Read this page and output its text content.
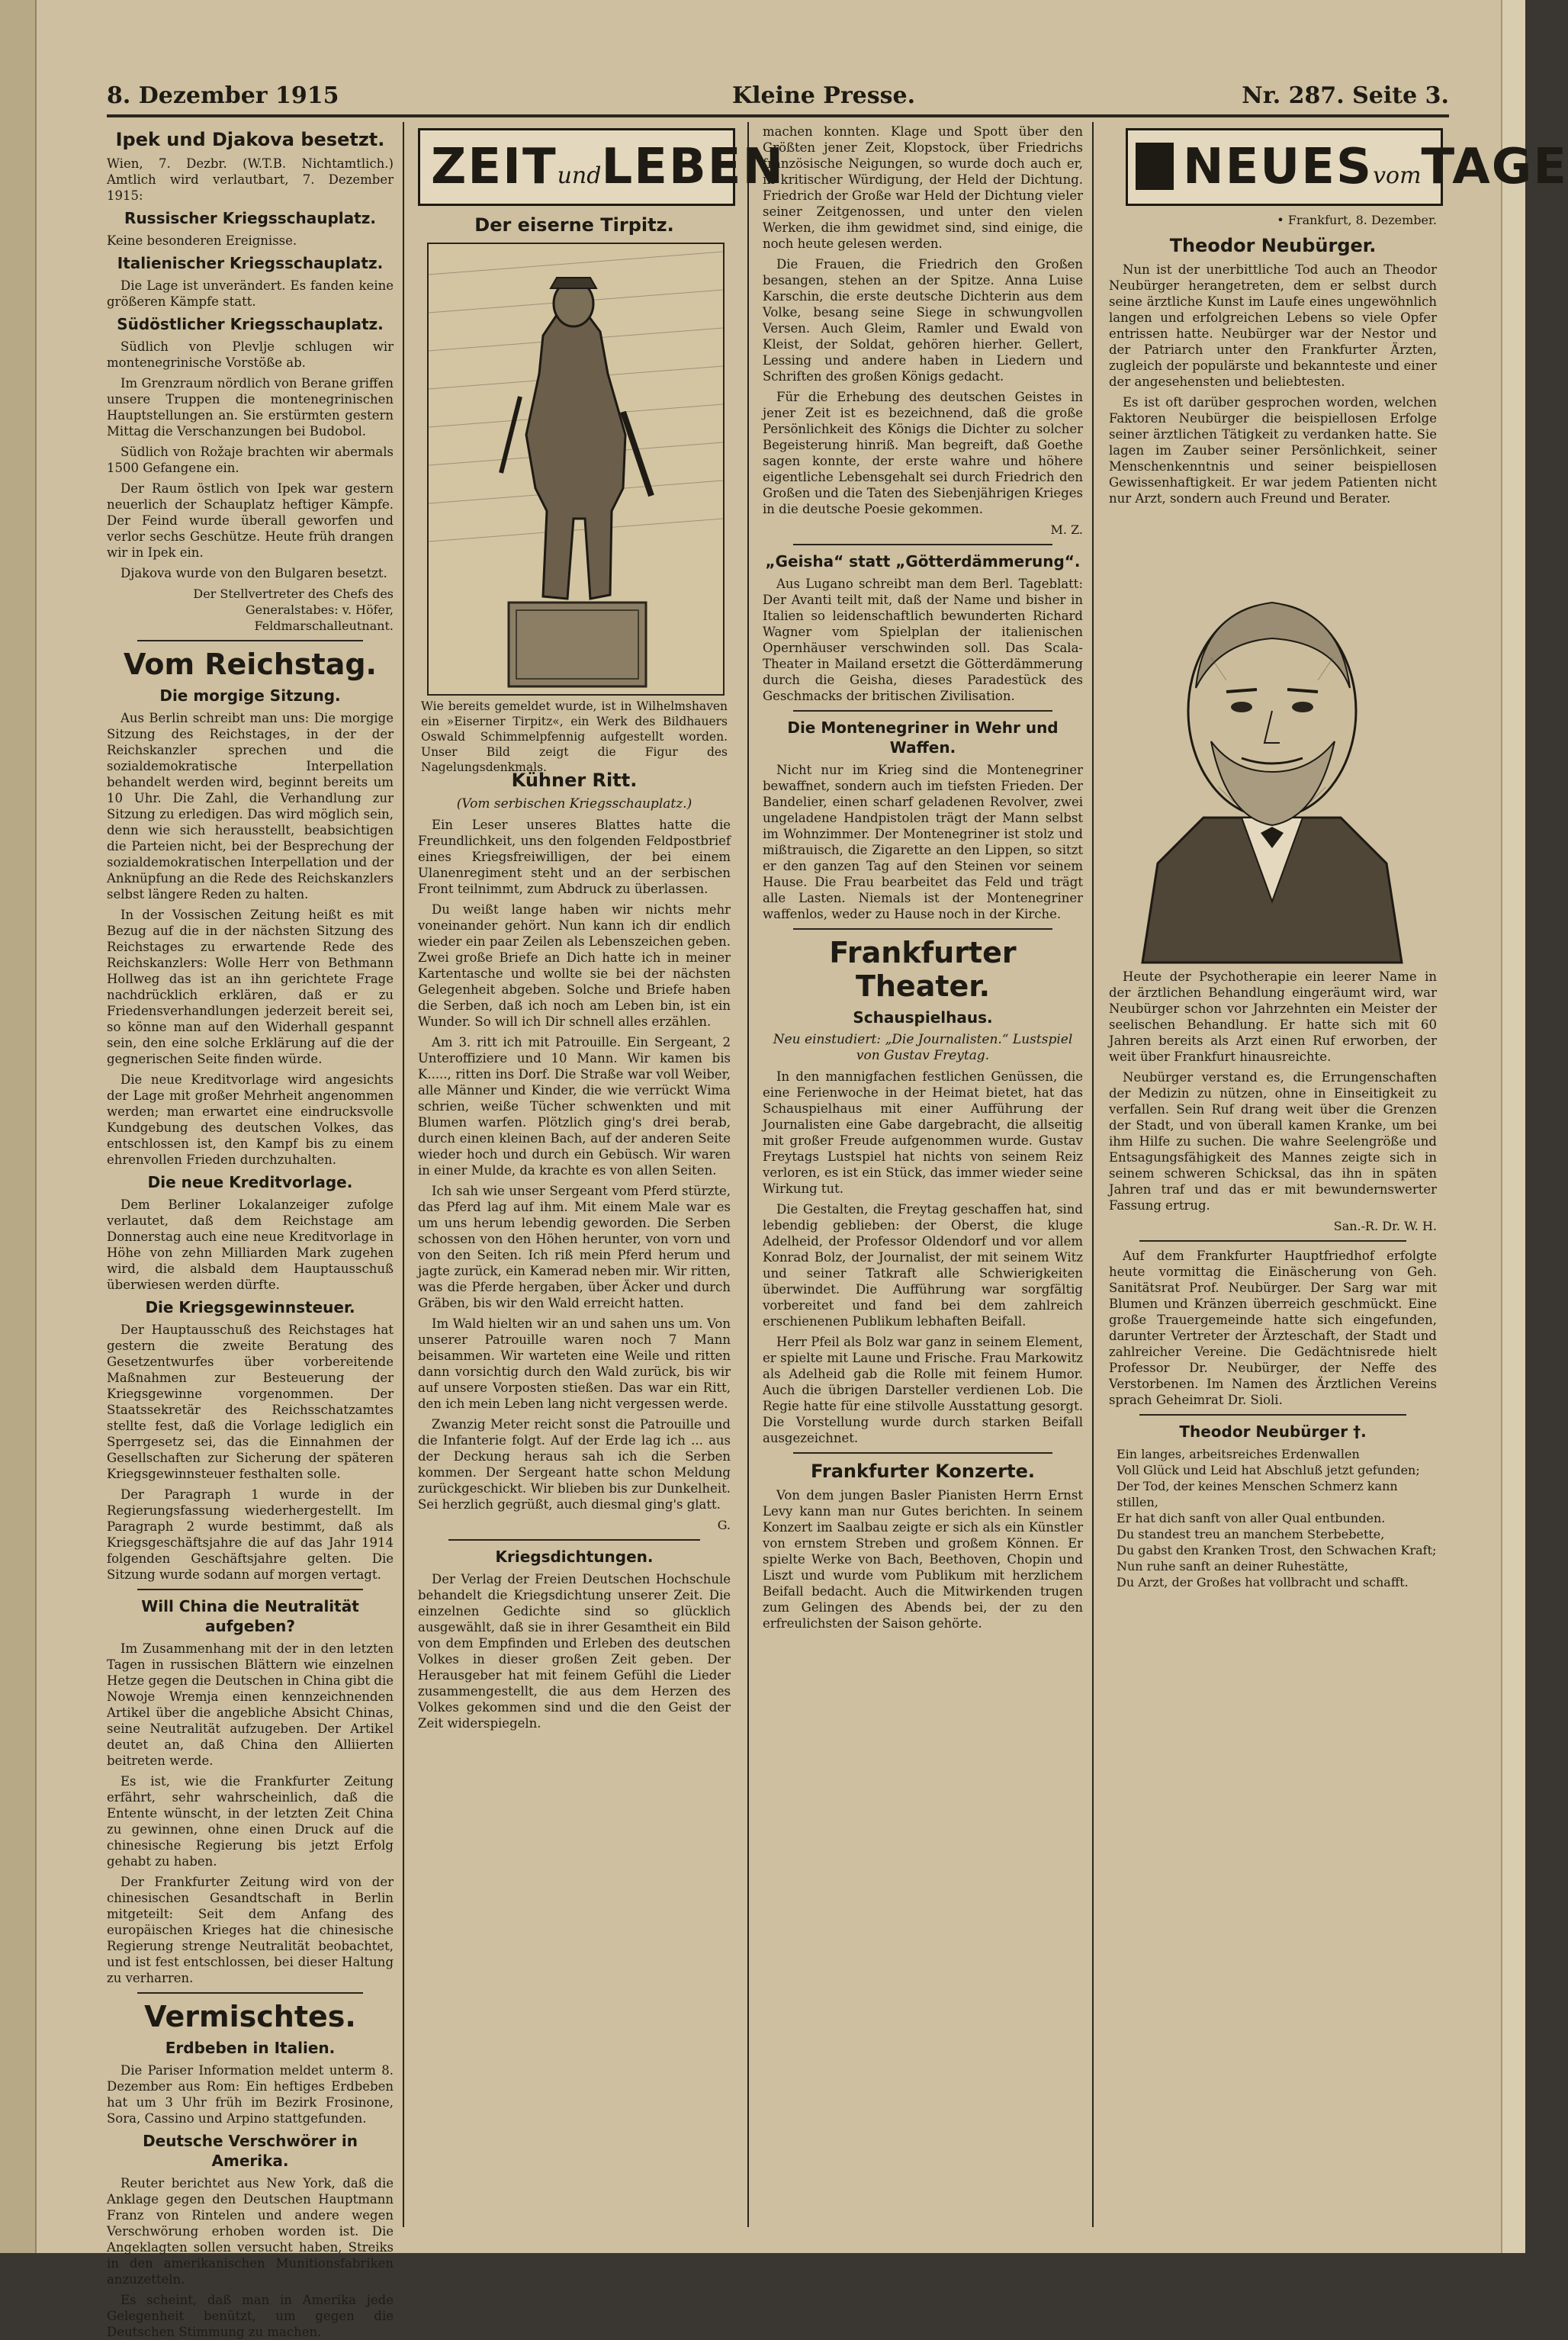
8. Dezember 1915	Kleine Presse.	Nr. 287. Seite 3.
Ipek und Djakova besetzt.

Wien, 7. Dezbr. (W.T.B. Nichtamtlich.) Amtlich wird verlautbart, 7. Dezember 1915:

Russischer Kriegsschauplatz.

Keine besonderen Ereignisse.

Italienischer Kriegsschauplatz.

Die Lage ist unverändert. Es fanden keine größeren Kämpfe statt.

Südöstlicher Kriegsschauplatz.

Südlich von Plevlje schlugen wir montenegrinische Vorstöße ab.

Im Grenzraum nördlich von Berane griffen unsere Truppen die montenegrinischen Hauptstellungen an. Sie erstürmten gestern Mittag die Verschanzungen bei Budobol.

Südlich von Rožaje brachten wir abermals 1500 Gefangene ein.

Der Raum östlich von Ipek war gestern neuerlich der Schauplatz heftiger Kämpfe. Der Feind wurde überall geworfen und verlor sechs Geschütze. Heute früh drangen wir in Ipek ein.

Djakova wurde von den Bulgaren besetzt.

Der Stellvertreter des Chefs des Generalstabes: v. Höfer, Feldmarschalleutnant.
Vom Reichstag.
Die morgige Sitzung.

Aus Berlin schreibt man uns: Die morgige Sitzung des Reichstages, in der der Reichskanzler sprechen und die sozialdemokratische Interpellation behandelt werden wird, beginnt bereits um 10 Uhr. Die Zahl, die Verhandlung zur Sitzung zu erledigen. Das wird möglich sein, denn wie sich herausstellt, beabsichtigen die Parteien nicht, bei der Besprechung der sozialdemokratischen Interpellation und der Anknüpfung an die Rede des Reichskanzlers selbst längere Reden zu halten.

In der Vossischen Zeitung heißt es mit Bezug auf die in der nächsten Sitzung des Reichstages zu erwartende Rede des Reichskanzlers: Wolle Herr von Bethmann Hollweg das ist an ihn gerichtete Frage nachdrücklich erklären, daß er zu Friedensverhandlungen jederzeit bereit sei, so könne man auf den Widerhall gespannt sein, den eine solche Erklärung auf die der gegnerischen Seite finden würde.

Die neue Kreditvorlage wird angesichts der Lage mit großer Mehrheit angenommen werden; man erwartet eine eindrucksvolle Kundgebung des deutschen Volkes, das entschlossen ist, den Kampf bis zu einem ehrenvollen Frieden durchzuhalten.

Die neue Kreditvorlage.

Dem Berliner Lokalanzeiger zufolge verlautet, daß dem Reichstage am Donnerstag auch eine neue Kreditvorlage in Höhe von zehn Milliarden Mark zugehen wird, die alsbald dem Hauptausschuß überwiesen werden dürfte.

Die Kriegsgewinnsteuer.

Der Hauptausschuß des Reichstages hat gestern die zweite Beratung des Gesetzentwurfes über vorbereitende Maßnahmen zur Besteuerung der Kriegsgewinne vorgenommen. Der Staatssekretär des Reichsschatzamtes stellte fest, daß die Vorlage lediglich ein Sperrgesetz sei, das die Einnahmen der Gesellschaften zur Sicherung der späteren Kriegsgewinnsteuer festhalten solle.

Der Paragraph 1 wurde in der Regierungsfassung wiederhergestellt. Im Paragraph 2 wurde bestimmt, daß als Kriegsgeschäftsjahre die auf das Jahr 1914 folgenden Geschäftsjahre gelten. Die Sitzung wurde sodann auf morgen vertagt.

Will China die Neutralität aufgeben?

Im Zusammenhang mit der in den letzten Tagen in russischen Blättern wie einzelnen Hetze gegen die Deutschen in China gibt die Nowoje Wremja einen kennzeichnenden Artikel über die angebliche Absicht Chinas, seine Neutralität aufzugeben. Der Artikel deutet an, daß China den Alliierten beitreten werde.

Es ist, wie die Frankfurter Zeitung erfährt, sehr wahrscheinlich, daß die Entente wünscht, in der letzten Zeit China zu gewinnen, ohne einen Druck auf die chinesische Regierung bis jetzt Erfolg gehabt zu haben.

Der Frankfurter Zeitung wird von der chinesischen Gesandtschaft in Berlin mitgeteilt: Seit dem Anfang des europäischen Krieges hat die chinesische Regierung strenge Neutralität beobachtet, und ist fest entschlossen, bei dieser Haltung zu verharren.

Vermischtes.
Erdbeben in Italien.

Die Pariser Information meldet unterm 8. Dezember aus Rom: Ein heftiges Erdbeben hat um 3 Uhr früh im Bezirk Frosinone, Sora, Cassino und Arpino stattgefunden.

Deutsche Verschwörer in Amerika.

Reuter berichtet aus New York, daß die Anklage gegen den Deutschen Hauptmann Franz von Rintelen und andere wegen Verschwörung erhoben worden ist. Die Angeklagten sollen versucht haben, Streiks in den amerikanischen Munitionsfabriken anzuzetteln.

Es scheint, daß man in Amerika jede Gelegenheit benützt, um gegen die Deutschen Stimmung zu machen.

ZEITundLEBEN
Der eiserne Tirpitz.
Wie bereits gemeldet wurde, ist in Wilhelmshaven ein »Eiserner Tirpitz«, ein Werk des Bildhauers Oswald Schimmelpfennig aufgestellt worden. Unser Bild zeigt die Figur des Nagelungsdenkmals.
Kühner Ritt.
(Vom serbischen Kriegsschauplatz.)

Ein Leser unseres Blattes hatte die Freundlichkeit, uns den folgenden Feldpostbrief eines Kriegsfreiwilligen, der bei einem Ulanenregiment steht und an der serbischen Front teilnimmt, zum Abdruck zu überlassen.

Du weißt lange haben wir nichts mehr voneinander gehört. Nun kann ich dir endlich wieder ein paar Zeilen als Lebenszeichen geben. Zwei große Briefe an Dich hatte ich in meiner Kartentasche und wollte sie bei der nächsten Gelegenheit abgeben. Solche und Briefe haben die Serben, daß ich noch am Leben bin, ist ein Wunder. So will ich Dir schnell alles erzählen.

Am 3. ritt ich mit Patrouille. Ein Sergeant, 2 Unteroffiziere und 10 Mann. Wir kamen bis K....., ritten ins Dorf. Die Straße war voll Weiber, alle Männer und Kinder, die wie verrückt Wima schrien, weiße Tücher schwenkten und mit Blumen warfen. Plötzlich ging's drei berab, durch einen kleinen Bach, auf der anderen Seite wieder hoch und durch ein Gebüsch. Wir waren in einer Mulde, da krachte es von allen Seiten.

Ich sah wie unser Sergeant vom Pferd stürzte, das Pferd lag auf ihm. Mit einem Male war es um uns herum lebendig geworden. Die Serben schossen von den Höhen herunter, von vorn und von den Seiten. Ich riß mein Pferd herum und jagte zurück, ein Kamerad neben mir. Wir ritten, was die Pferde hergaben, über Äcker und durch Gräben, bis wir den Wald erreicht hatten.

Im Wald hielten wir an und sahen uns um. Von unserer Patrouille waren noch 7 Mann beisammen. Wir warteten eine Weile und ritten dann vorsichtig durch den Wald zurück, bis wir auf unsere Vorposten stießen. Das war ein Ritt, den ich mein Leben lang nicht vergessen werde.

Zwanzig Meter reicht sonst die Patrouille und die Infanterie folgt. Auf der Erde lag ich ... aus der Deckung heraus sah ich die Serben kommen. Der Sergeant hatte schon Meldung zurückgeschickt. Wir blieben bis zur Dunkelheit. Sei herzlich gegrüßt, auch diesmal ging's glatt.

G.
Kriegsdichtungen.

Der Verlag der Freien Deutschen Hochschule behandelt die Kriegsdichtung unserer Zeit. Die einzelnen Gedichte sind so glücklich ausgewählt, daß sie in ihrer Gesamtheit ein Bild von dem Empfinden und Erleben des deutschen Volkes in dieser großen Zeit geben. Der Herausgeber hat mit feinem Gefühl die Lieder zusammengestellt, die aus dem Herzen des Volkes gekommen sind und die den Geist der Zeit widerspiegeln.

machen konnten. Klage und Spott über den Größten jener Zeit, Klopstock, über Friedrichs französische Neigungen, so wurde doch auch er, in kritischer Würdigung, der Held der Dichtung. Friedrich der Große war Held der Dichtung vieler seiner Zeitgenossen, und unter den vielen Werken, die ihm gewidmet sind, sind einige, die noch heute gelesen werden.

Die Frauen, die Friedrich den Großen besangen, stehen an der Spitze. Anna Luise Karschin, die erste deutsche Dichterin aus dem Volke, besang seine Siege in schwungvollen Versen. Auch Gleim, Ramler und Ewald von Kleist, der Soldat, gehören hierher. Gellert, Lessing und andere haben in Liedern und Schriften des großen Königs gedacht.

Für die Erhebung des deutschen Geistes in jener Zeit ist es bezeichnend, daß die große Persönlichkeit des Königs die Dichter zu solcher Begeisterung hinriß. Man begreift, daß Goethe sagen konnte, der erste wahre und höhere eigentliche Lebensgehalt sei durch Friedrich den Großen und die Taten des Siebenjährigen Krieges in die deutsche Poesie gekommen.

M. Z.
„Geisha“ statt „Götterdämmerung“.

Aus Lugano schreibt man dem Berl. Tageblatt: Der Avanti teilt mit, daß der Name und bisher in Italien so leidenschaftlich bewunderten Richard Wagner vom Spielplan der italienischen Opernhäuser verschwinden soll. Das Scala-Theater in Mailand ersetzt die Götterdämmerung durch die Geisha, dieses Paradestück des Geschmacks der britischen Zivilisation.

Die Montenegriner in Wehr und Waffen.

Nicht nur im Krieg sind die Montenegriner bewaffnet, sondern auch im tiefsten Frieden. Der Bandelier, einen scharf geladenen Revolver, zwei ungeladene Handpistolen trägt der Mann selbst im Wohnzimmer. Der Montenegriner ist stolz und mißtrauisch, die Zigarette an den Lippen, so sitzt er den ganzen Tag auf den Steinen vor seinem Hause. Die Frau bearbeitet das Feld und trägt alle Lasten. Niemals ist der Montenegriner waffenlos, weder zu Hause noch in der Kirche.

Frankfurter Theater.
Schauspielhaus.
Neu einstudiert: „Die Journalisten.“ Lustspiel von Gustav Freytag.

In den mannigfachen festlichen Genüssen, die eine Ferienwoche in der Heimat bietet, hat das Schauspielhaus mit einer Aufführung der Journalisten eine Gabe dargebracht, die allseitig mit großer Freude aufgenommen wurde. Gustav Freytags Lustspiel hat nichts von seinem Reiz verloren, es ist ein Stück, das immer wieder seine Wirkung tut.

Die Gestalten, die Freytag geschaffen hat, sind lebendig geblieben: der Oberst, die kluge Adelheid, der Professor Oldendorf und vor allem Konrad Bolz, der Journalist, der mit seinem Witz und seiner Tatkraft alle Schwierigkeiten überwindet. Die Aufführung war sorgfältig vorbereitet und fand bei dem zahlreich erschienenen Publikum lebhaften Beifall.

Herr Pfeil als Bolz war ganz in seinem Element, er spielte mit Laune und Frische. Frau Markowitz als Adelheid gab die Rolle mit feinem Humor. Auch die übrigen Darsteller verdienen Lob. Die Regie hatte für eine stilvolle Ausstattung gesorgt. Die Vorstellung wurde durch starken Beifall ausgezeichnet.

Frankfurter Konzerte.

Von dem jungen Basler Pianisten Herrn Ernst Levy kann man nur Gutes berichten. In seinem Konzert im Saalbau zeigte er sich als ein Künstler von ernstem Streben und großem Können. Er spielte Werke von Bach, Beethoven, Chopin und Liszt und wurde vom Publikum mit herzlichem Beifall bedacht. Auch die Mitwirkenden trugen zum Gelingen des Abends bei, der zu den erfreulichsten der Saison gehörte.

NEUESvomTAGE
• Frankfurt, 8. Dezember.
Theodor Neubürger.

Nun ist der unerbittliche Tod auch an Theodor Neubürger herangetreten, dem er selbst durch seine ärztliche Kunst im Laufe eines ungewöhnlich langen und erfolgreichen Lebens so viele Opfer entrissen hatte. Neubürger war der Nestor und der Patriarch unter den Frankfurter Ärzten, zugleich der populärste und bekannteste und einer der angesehensten und beliebtesten.

Es ist oft darüber gesprochen worden, welchen Faktoren Neubürger die beispiellosen Erfolge seiner ärztlichen Tätigkeit zu verdanken hatte. Sie lagen im Zauber seiner Persönlichkeit, seiner Menschenkenntnis und seiner beispiellosen Gewissenhaftigkeit. Er war jedem Patienten nicht nur Arzt, sondern auch Freund und Berater.

Heute der Psychotherapie ein leerer Name in der ärztlichen Behandlung eingeräumt wird, war Neubürger schon vor Jahrzehnten ein Meister der seelischen Behandlung. Er hatte sich mit 60 Jahren bereits als Arzt einen Ruf erworben, der weit über Frankfurt hinausreichte.

Neubürger verstand es, die Errungenschaften der Medizin zu nützen, ohne in Einseitigkeit zu verfallen. Sein Ruf drang weit über die Grenzen der Stadt, und von überall kamen Kranke, um bei ihm Hilfe zu suchen. Die wahre Seelengröße und Entsagungsfähigkeit des Mannes zeigte sich in seinem schweren Schicksal, das ihn in späten Jahren traf und das er mit bewundernswerter Fassung ertrug.

San.-R. Dr. W. H.

Auf dem Frankfurter Hauptfriedhof erfolgte heute vormittag die Einäscherung von Geh. Sanitätsrat Prof. Neubürger. Der Sarg war mit Blumen und Kränzen überreich geschmückt. Eine große Trauergemeinde hatte sich eingefunden, darunter Vertreter der Ärzteschaft, der Stadt und zahlreicher Vereine. Die Gedächtnisrede hielt Professor Dr. Neubürger, der Neffe des Verstorbenen. Im Namen des Ärztlichen Vereins sprach Geheimrat Dr. Sioli.

Theodor Neubürger †.
Ein langes, arbeitsreiches Erdenwallen
Voll Glück und Leid hat Abschluß jetzt gefunden;
Der Tod, der keines Menschen Schmerz kann stillen,
Er hat dich sanft von aller Qual entbunden.
Du standest treu an manchem Sterbebette,
Du gabst den Kranken Trost, den Schwachen Kraft;
Nun ruhe sanft an deiner Ruhestätte,
Du Arzt, der Großes hat vollbracht und schafft.
